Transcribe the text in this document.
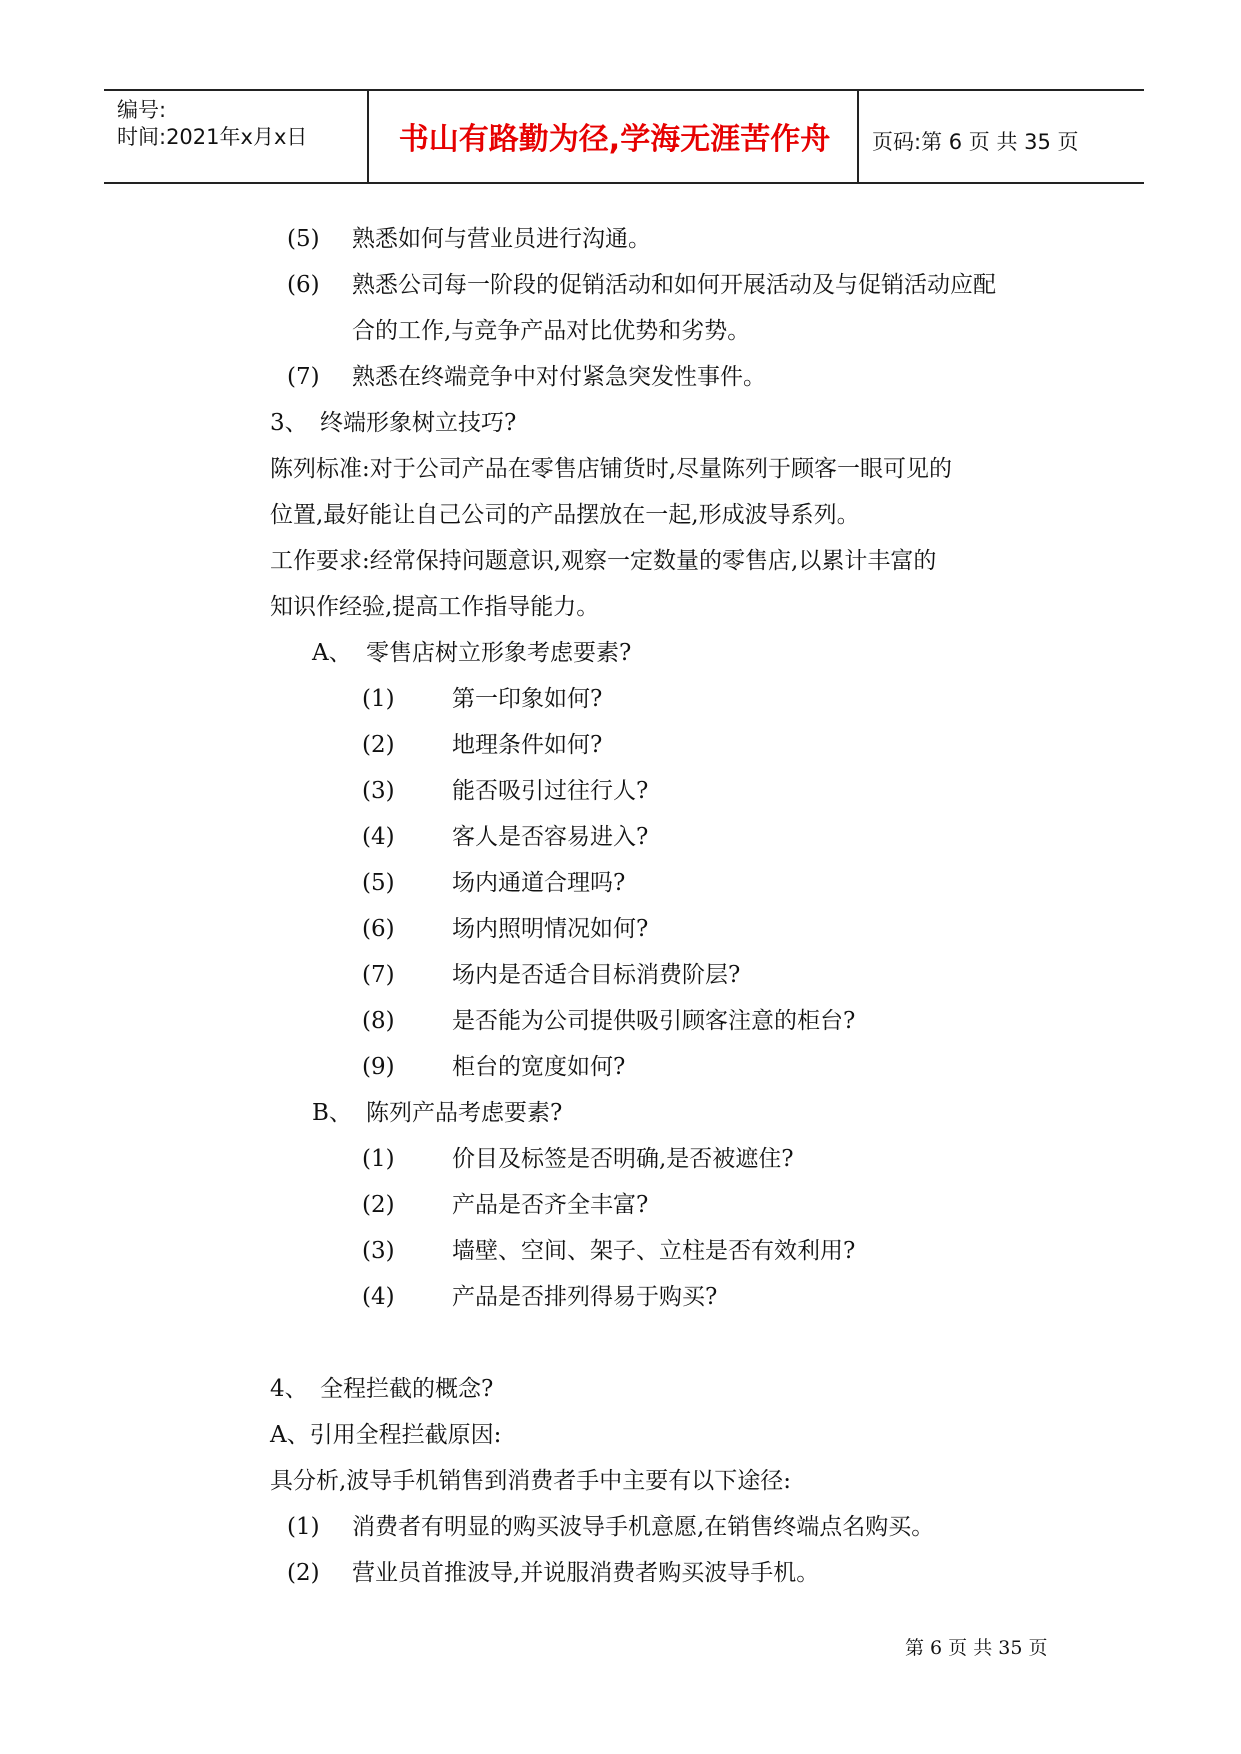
编号:
时间:2021年x月x日	书山有路勤为径,学海无涯苦作舟	页码:第 6 页 共 35 页
(5) 熟悉如何与营业员进行沟通。
(6) 熟悉公司每一阶段的促销活动和如何开展活动及与促销活动应配
合的工作,与竞争产品对比优势和劣势。
(7) 熟悉在终端竞争中对付紧急突发性事件。
3、 终端形象树立技巧?
陈列标准:对于公司产品在零售店铺货时,尽量陈列于顾客一眼可见的
位置,最好能让自己公司的产品摆放在一起,形成波导系列。
工作要求:经常保持问题意识,观察一定数量的零售店,以累计丰富的
知识作经验,提高工作指导能力。
A、 零售店树立形象考虑要素?
(1) 第一印象如何?
(2) 地理条件如何?
(3) 能否吸引过往行人?
(4) 客人是否容易进入?
(5) 场内通道合理吗?
(6) 场内照明情况如何?
(7) 场内是否适合目标消费阶层?
(8) 是否能为公司提供吸引顾客注意的柜台?
(9) 柜台的宽度如何?
B、 陈列产品考虑要素?
(1) 价目及标签是否明确,是否被遮住?
(2) 产品是否齐全丰富?
(3) 墙壁、空间、架子、立柱是否有效利用?
(4) 产品是否排列得易于购买?
4、 全程拦截的概念?
A、引用全程拦截原因:
具分析,波导手机销售到消费者手中主要有以下途径:
(1) 消费者有明显的购买波导手机意愿,在销售终端点名购买。
(2) 营业员首推波导,并说服消费者购买波导手机。
第 6 页 共 35 页
